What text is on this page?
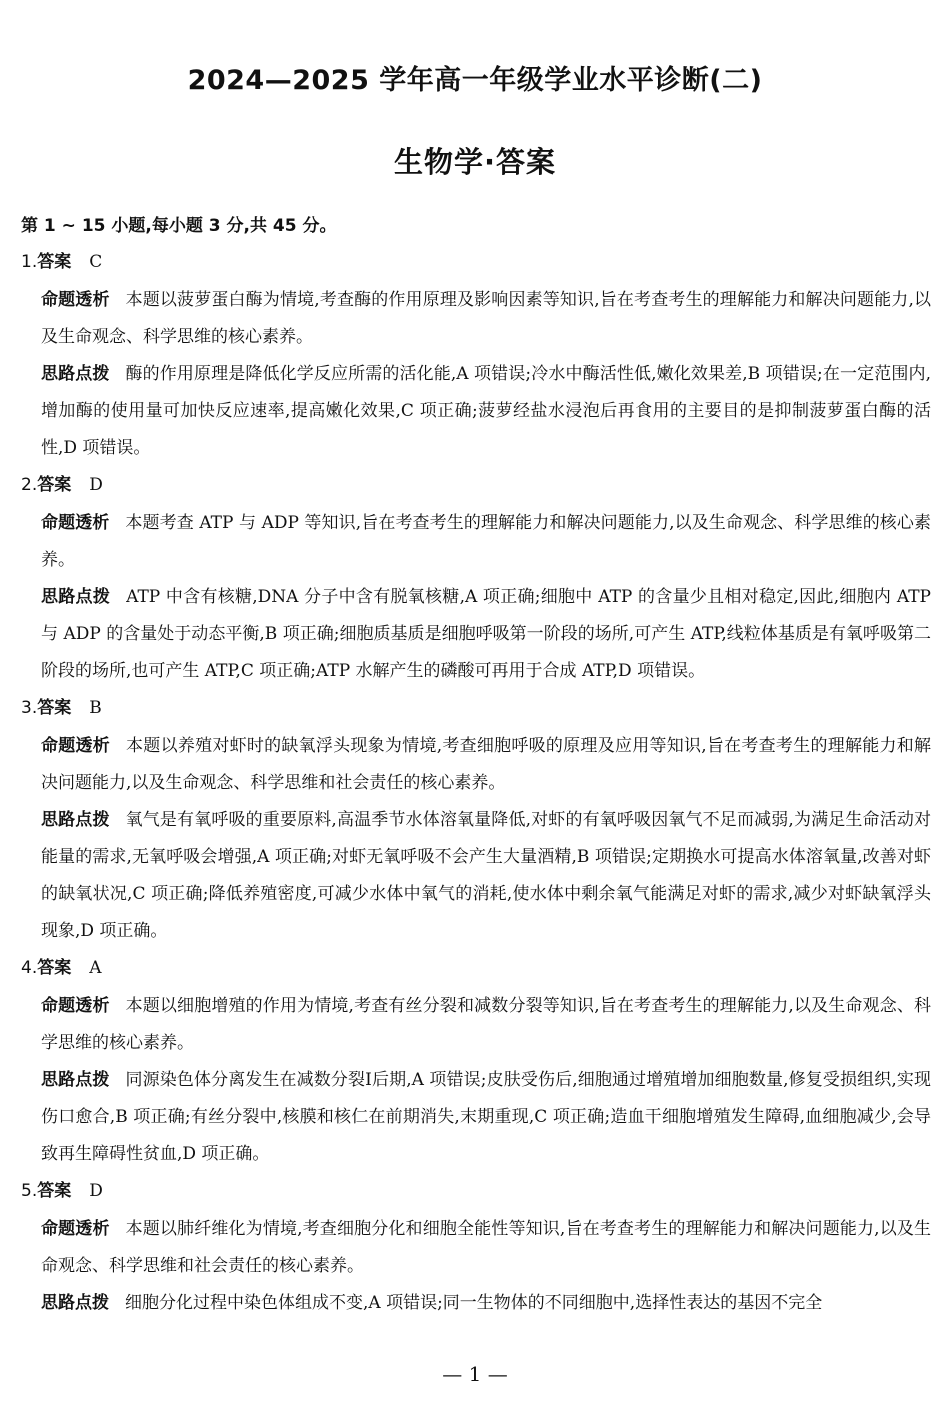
2024—2025 学年高一年级学业水平诊断(二)
生物学·答案
第 1 ~ 15 小题,每小题 3 分,共 45 分。
1.答案 C
命题透析 本题以菠萝蛋白酶为情境,考查酶的作用原理及影响因素等知识,旨在考查考生的理解能力和解决问题能力,以及生命观念、科学思维的核心素养。
思路点拨 酶的作用原理是降低化学反应所需的活化能,A 项错误;冷水中酶活性低,嫩化效果差,B 项错误;在一定范围内,增加酶的使用量可加快反应速率,提高嫩化效果,C 项正确;菠萝经盐水浸泡后再食用的主要目的是抑制菠萝蛋白酶的活性,D 项错误。
2.答案 D
命题透析 本题考查 ATP 与 ADP 等知识,旨在考查考生的理解能力和解决问题能力,以及生命观念、科学思维的核心素养。
思路点拨 ATP 中含有核糖,DNA 分子中含有脱氧核糖,A 项正确;细胞中 ATP 的含量少且相对稳定,因此,细胞内 ATP 与 ADP 的含量处于动态平衡,B 项正确;细胞质基质是细胞呼吸第一阶段的场所,可产生 ATP,线粒体基质是有氧呼吸第二阶段的场所,也可产生 ATP,C 项正确;ATP 水解产生的磷酸可再用于合成 ATP,D 项错误。
3.答案 B
命题透析 本题以养殖对虾时的缺氧浮头现象为情境,考查细胞呼吸的原理及应用等知识,旨在考查考生的理解能力和解决问题能力,以及生命观念、科学思维和社会责任的核心素养。
思路点拨 氧气是有氧呼吸的重要原料,高温季节水体溶氧量降低,对虾的有氧呼吸因氧气不足而减弱,为满足生命活动对能量的需求,无氧呼吸会增强,A 项正确;对虾无氧呼吸不会产生大量酒精,B 项错误;定期换水可提高水体溶氧量,改善对虾的缺氧状况,C 项正确;降低养殖密度,可减少水体中氧气的消耗,使水体中剩余氧气能满足对虾的需求,减少对虾缺氧浮头现象,D 项正确。
4.答案 A
命题透析 本题以细胞增殖的作用为情境,考查有丝分裂和减数分裂等知识,旨在考查考生的理解能力,以及生命观念、科学思维的核心素养。
思路点拨 同源染色体分离发生在减数分裂Ⅰ后期,A 项错误;皮肤受伤后,细胞通过增殖增加细胞数量,修复受损组织,实现伤口愈合,B 项正确;有丝分裂中,核膜和核仁在前期消失,末期重现,C 项正确;造血干细胞增殖发生障碍,血细胞减少,会导致再生障碍性贫血,D 项正确。
5.答案 D
命题透析 本题以肺纤维化为情境,考查细胞分化和细胞全能性等知识,旨在考查考生的理解能力和解决问题能力,以及生命观念、科学思维和社会责任的核心素养。
思路点拨 细胞分化过程中染色体组成不变,A 项错误;同一生物体的不同细胞中,选择性表达的基因不完全
— 1 —
